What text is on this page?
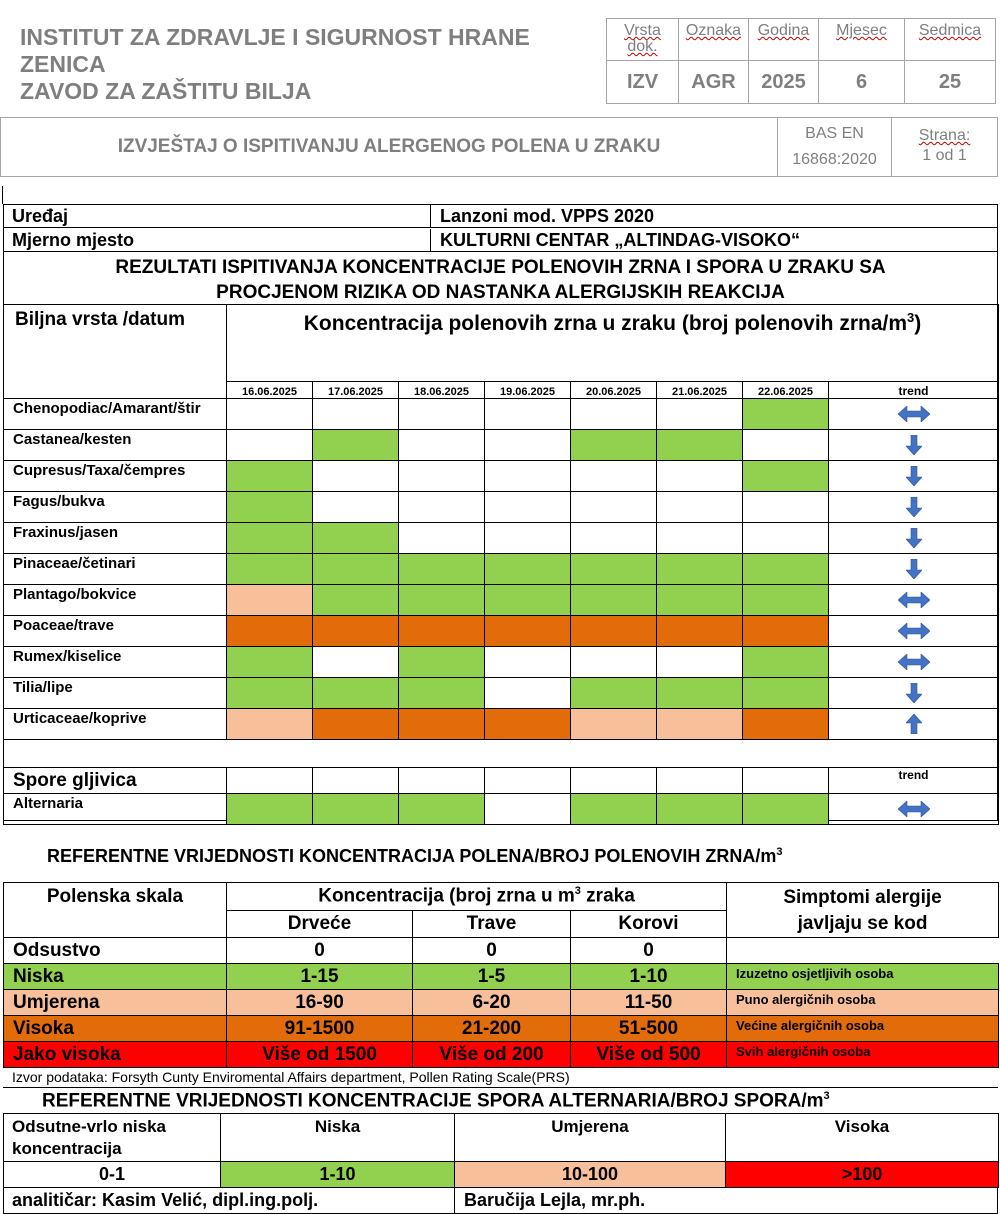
INSTITUT ZA ZDRAVLJE I SIGURNOST HRANE
ZENICA
ZAVOD ZA ZAŠTITU BILJA
Vrsta dok.
IZV
Oznaka
AGR
Godina
2025
Mjesec
6
Sedmica
25
IZVJEŠTAJ O ISPITIVANJU ALERGENOG POLENA U ZRAKU
BAS EN
16868:2020
Strana:
1 od 1
Uređaj	Lanzoni mod. VPPS 2020
Mjerno mjesto	KULTURNI CENTAR „ALTINDAG-VISOKO“
REZULTATI ISPITIVANJA KONCENTRACIJE POLENOVIH ZRNA I SPORA U ZRAKU SA
PROCJENOM RIZIKA OD NASTANKA ALERGIJSKIH REAKCIJA
Biljna vrsta /datum	Koncentracija polenovih zrna u zraku (broj polenovih zrna/$m^3$)							
	16.06.2025	17.06.2025	18.06.2025	19.06.2025	20.06.2025	21.06.2025	22.06.2025	trend
Chenopodiac/Amarant/štir								

Castanea/kesten								

Cupresus/Taxa/čempres								

Fagus/bukva								

Fraxinus/jasen								

Pinaceae/četinari								

Plantago/bokvice								

Poaceae/trave								

Rumex/kiselice								

Tilia/lipe								

Urticaceae/koprive								

Spore gljivica								trend
Alternaria								
REFERENTNE VRIJEDNOSTI KONCENTRACIJA POLENA/BROJ POLENOVIH ZRNA/$m^3$
Polenska skala	Koncentracija (broj zrna u $m^3$ zraka			Simptomi alergije javljaju se kod
	Drveće	Trave	Korovi	
Odsustvo	0	0	0	
Niska	1-15	1-5	1-10	Izuzetno osjetljivih osoba
Umjerena	16-90	6-20	11-50	Puno alergičnih osoba
Visoka	91-1500	21-200	51-500	Većine alergičnih osoba
Jako visoka	Više od 1500	Više od 200	Više od 500	Svih alergičnih osoba
Izvor podataka: Forsyth Cunty Enviromental Affairs department, Pollen Rating Scale(PRS)
REFERENTNE VRIJEDNOSTI KONCENTRACIJE SPORA ALTERNARIA/BROJ SPORA/$m^3$
Odsutne-vrlo niska koncentracija	Niska	Umjerena	Visoka
0-1	1-10	10-100	>100
analitičar: Kasim Velić, dipl.ing.polj.	Baručija Lejla, mr.ph.
